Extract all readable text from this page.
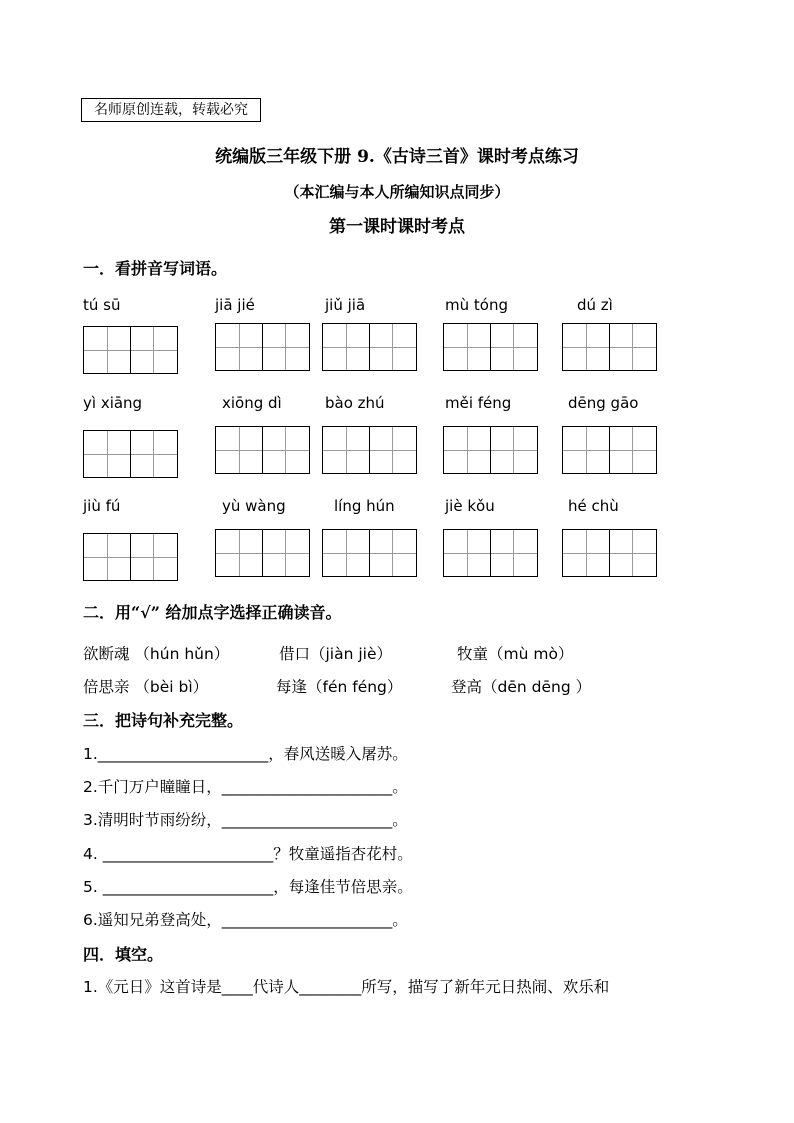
名师原创连载，转载必究
统编版三年级下册 9.《古诗三首》课时考点练习
（本汇编与本人所编知识点同步）
第一课时课时考点
一．看拼音写词语。
tú sū	jiā jié	jiǔ jiā	mù tóng	dú zì
yì xiāng	xiōng dì	bào zhú	měi féng	dēng gāo
jiù fú	yù wàng	líng hún	jiè kǒu	hé chù
二．用“√” 给加点字选择正确读音。
欲断魂 （hún hǔn）	借口（jiàn jiè）	牧童（mù mò）
倍思亲 （bèi bì）	每逢（fén féng）	登高（dēn dēng ）
三．把诗句补充完整。
1.______________________，春风送暖入屠苏。
2.千门万户瞳瞳日，______________________。
3.清明时节雨纷纷，______________________。
4. ______________________？牧童遥指杏花村。
5. ______________________，每逢佳节倍思亲。
6.遥知兄弟登高处，______________________。
四．填空。
1.《元日》这首诗是____代诗人________所写，描写了新年元日热闹、欢乐和
